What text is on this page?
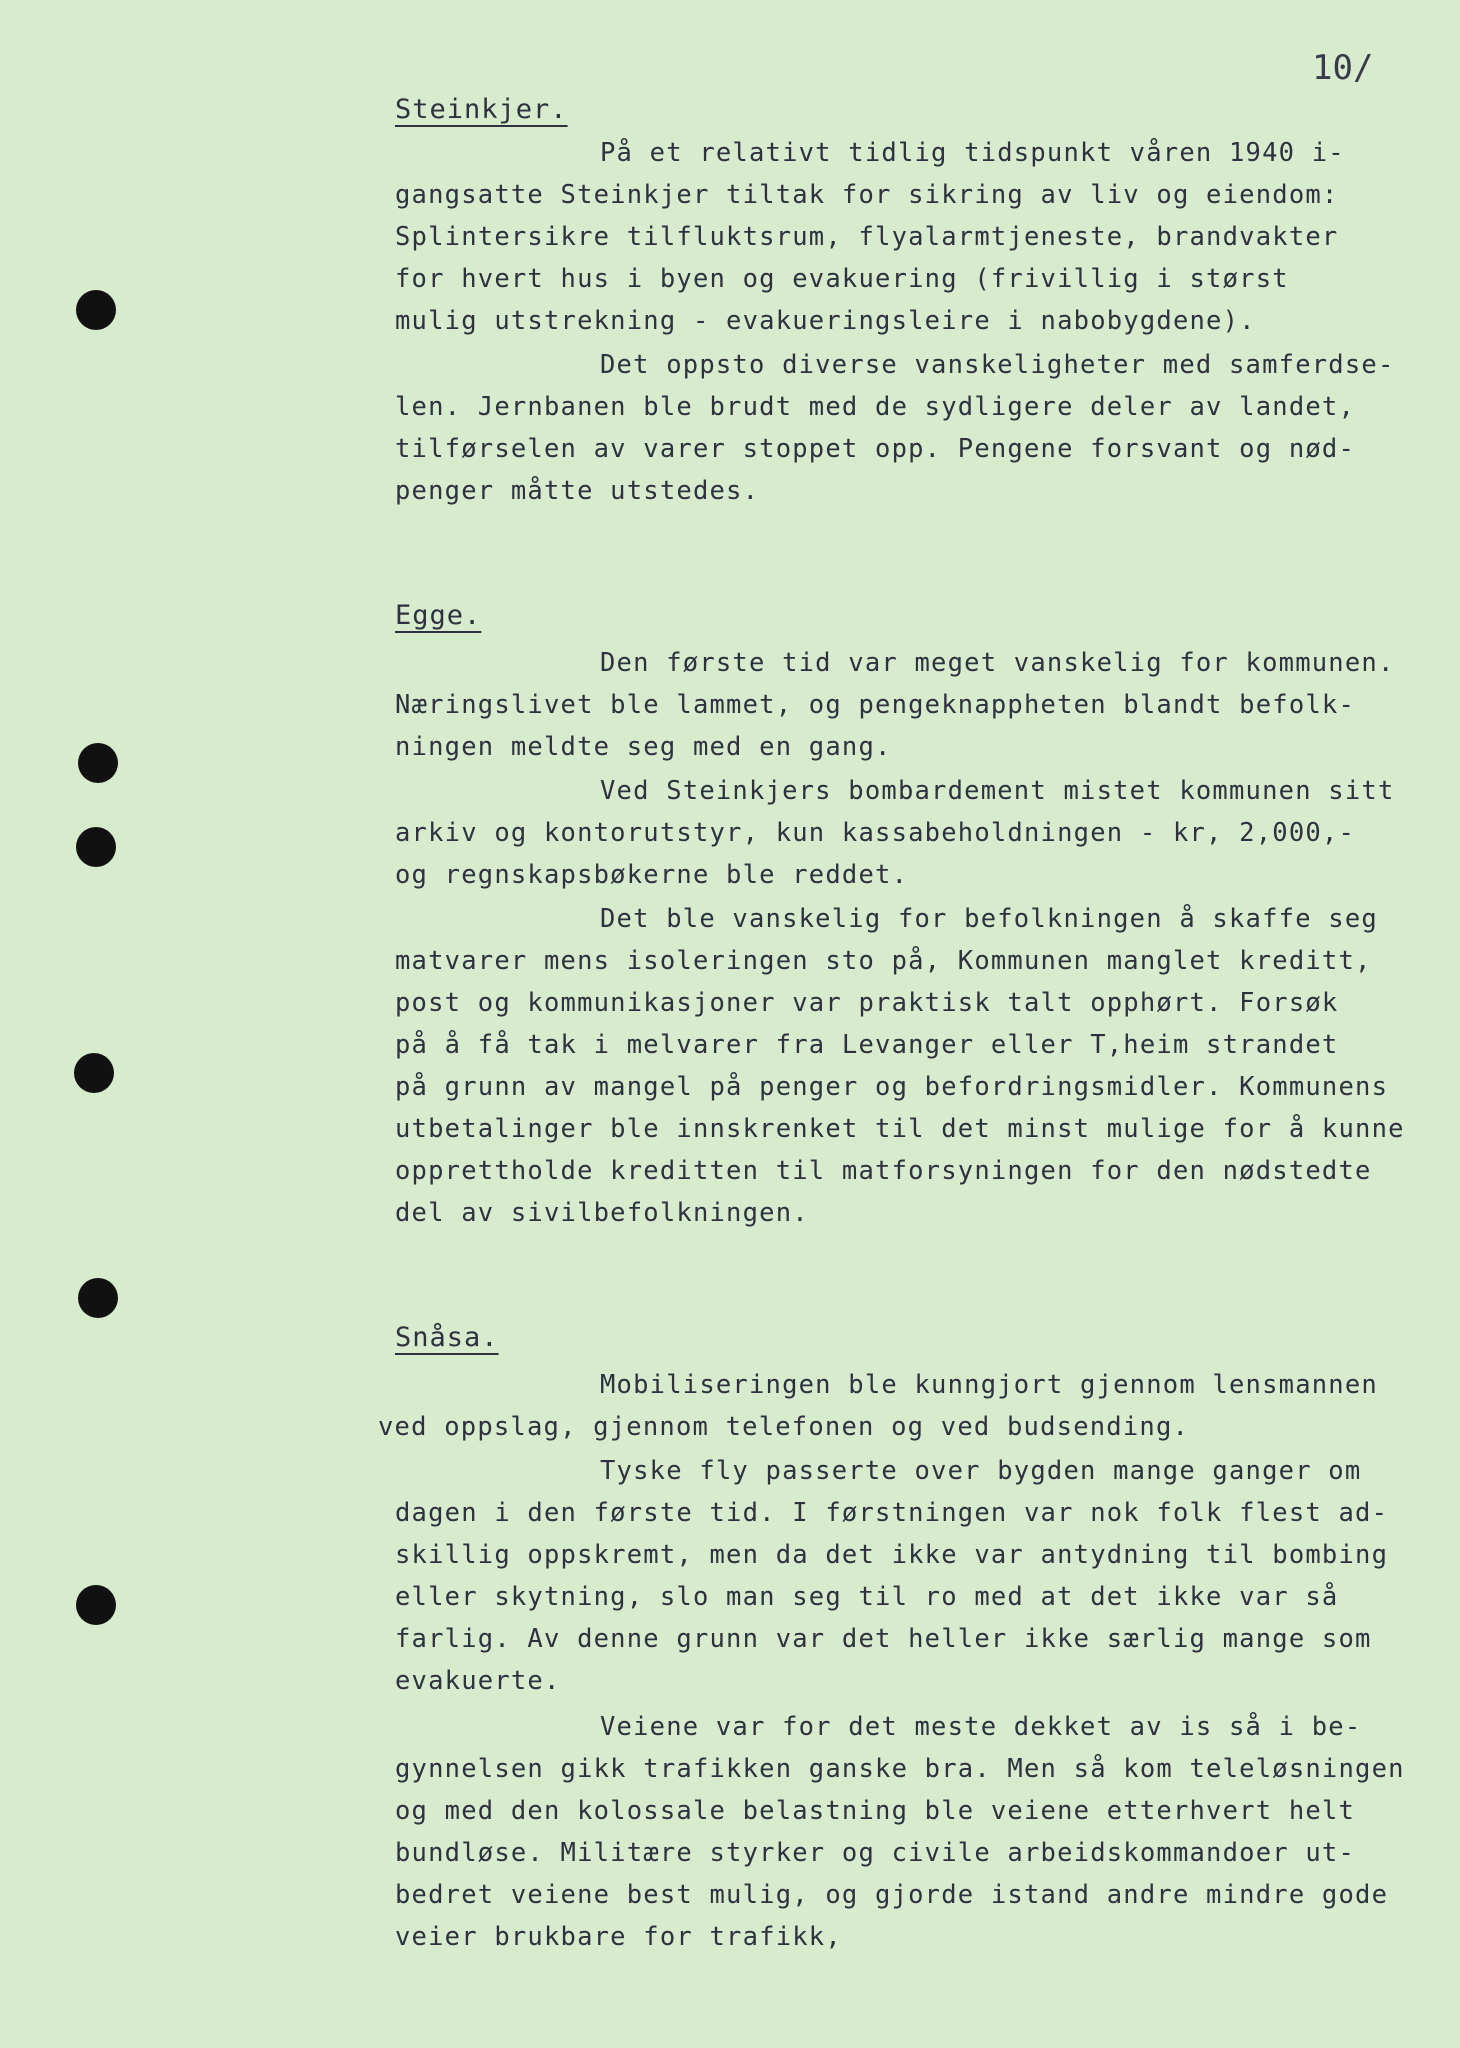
10/
Steinkjer.
På et relativt tidlig tidspunkt våren 1940 i-
gangsatte Steinkjer tiltak for sikring av liv og eiendom:
Splintersikre tilfluktsrum, flyalarmtjeneste, brandvakter
for hvert hus i byen og evakuering (frivillig i størst
mulig utstrekning - evakueringsleire i nabobygdene).
Det oppsto diverse vanskeligheter med samferdse-
len. Jernbanen ble brudt med de sydligere deler av landet,
tilførselen av varer stoppet opp. Pengene forsvant og nød-
penger måtte utstedes.
Egge.
Den første tid var meget vanskelig for kommunen.
Næringslivet ble lammet, og pengeknappheten blandt befolk-
ningen meldte seg med en gang.
Ved Steinkjers bombardement mistet kommunen sitt
arkiv og kontorutstyr, kun kassabeholdningen - kr, 2,000,-
og regnskapsbøkerne ble reddet.
Det ble vanskelig for befolkningen å skaffe seg
matvarer mens isoleringen sto på, Kommunen manglet kreditt,
post og kommunikasjoner var praktisk talt opphørt. Forsøk
på å få tak i melvarer fra Levanger eller T,heim strandet
på grunn av mangel på penger og befordringsmidler. Kommunens
utbetalinger ble innskrenket til det minst mulige for å kunne
opprettholde kreditten til matforsyningen for den nødstedte
del av sivilbefolkningen.
Snåsa.
Mobiliseringen ble kunngjort gjennom lensmannen
ved oppslag, gjennom telefonen og ved budsending.
Tyske fly passerte over bygden mange ganger om
dagen i den første tid. I førstningen var nok folk flest ad-
skillig oppskremt, men da det ikke var antydning til bombing
eller skytning, slo man seg til ro med at det ikke var så
farlig. Av denne grunn var det heller ikke særlig mange som
evakuerte.
Veiene var for det meste dekket av is så i be-
gynnelsen gikk trafikken ganske bra. Men så kom teleløsningen
og med den kolossale belastning ble veiene etterhvert helt
bundløse. Militære styrker og civile arbeidskommandoer ut-
bedret veiene best mulig, og gjorde istand andre mindre gode
veier brukbare for trafikk,
